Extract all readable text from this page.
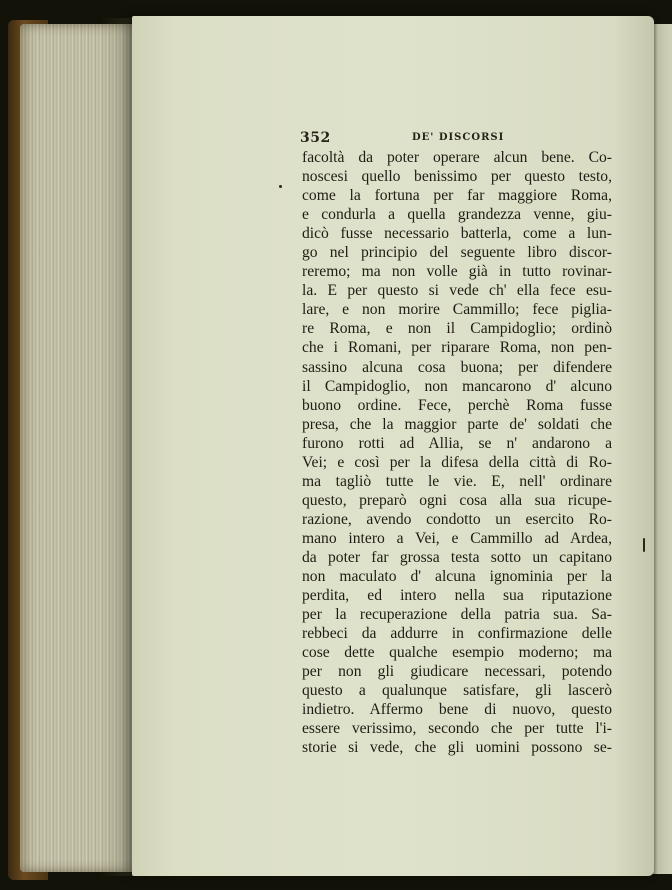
352	DE' DISCORSI
facoltà da poter operare alcun bene. Co-
noscesi quello benissimo per questo testo,
come la fortuna per far maggiore Roma,
e condurla a quella grandezza venne, giu-
dicò fusse necessario batterla, come a lun-
go nel principio del seguente libro discor-
reremo; ma non volle già in tutto rovinar-
la. E per questo si vede ch' ella fece esu-
lare, e non morire Cammillo; fece piglia-
re Roma, e non il Campidoglio; ordinò
che i Romani, per riparare Roma, non pen-
sassino alcuna cosa buona; per difendere
il Campidoglio, non mancarono d' alcuno
buono ordine. Fece, perchè Roma fusse
presa, che la maggior parte de' soldati che
furono rotti ad Allia, se n' andarono a
Vei; e così per la difesa della città di Ro-
ma tagliò tutte le vie. E, nell' ordinare
questo, preparò ogni cosa alla sua ricupe-
razione, avendo condotto un esercito Ro-
mano intero a Vei, e Cammillo ad Ardea,
da poter far grossa testa sotto un capitano
non maculato d' alcuna ignominia per la
perdita, ed intero nella sua riputazione
per la recuperazione della patria sua. Sa-
rebbeci da addurre in confirmazione delle
cose dette qualche esempio moderno; ma
per non gli giudicare necessari, potendo
questo a qualunque satisfare, gli lascerò
indietro. Affermo bene di nuovo, questo
essere verissimo, secondo che per tutte l'i-
storie si vede, che gli uomini possono se-
